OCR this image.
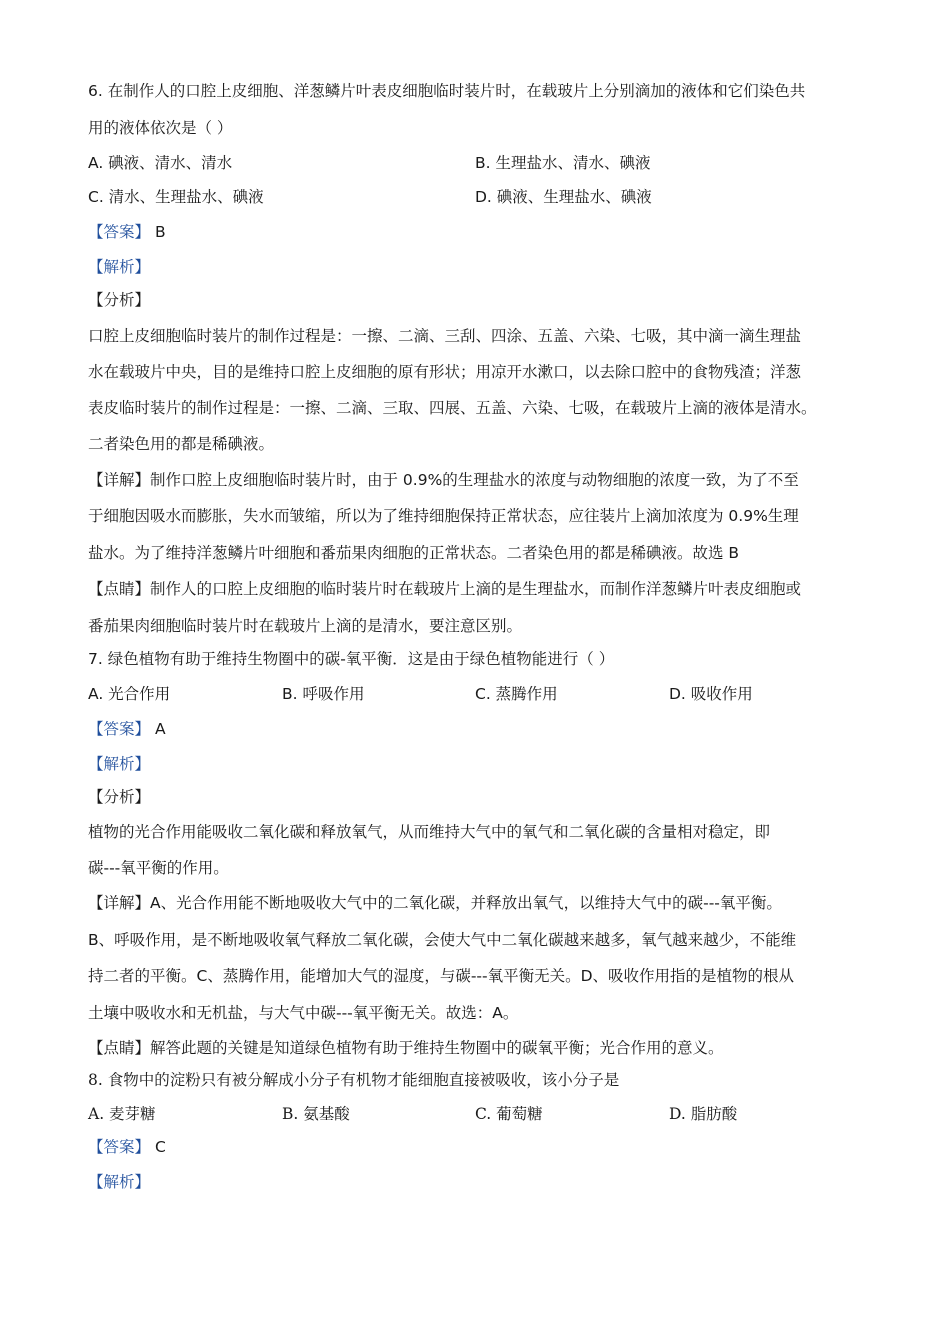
6. 在制作人的口腔上皮细胞、洋葱鳞片叶表皮细胞临时装片时，在载玻片上分别滴加的液体和它们染色共
用的液体依次是（ ）
A. 碘液、清水、清水	B. 生理盐水、清水、碘液
C. 清水、生理盐水、碘液	D. 碘液、生理盐水、碘液
【答案】 B
【解析】
【分析】
口腔上皮细胞临时装片的制作过程是：一擦、二滴、三刮、四涂、五盖、六染、七吸，其中滴一滴生理盐
水在载玻片中央，目的是维持口腔上皮细胞的原有形状；用凉开水漱口，以去除口腔中的食物残渣；洋葱
表皮临时装片的制作过程是：一擦、二滴、三取、四展、五盖、六染、七吸，在载玻片上滴的液体是清水。
二者染色用的都是稀碘液。
【详解】制作口腔上皮细胞临时装片时，由于 0.9%的生理盐水的浓度与动物细胞的浓度一致，为了不至
于细胞因吸水而膨胀，失水而皱缩，所以为了维持细胞保持正常状态，应往装片上滴加浓度为 0.9%生理
盐水。为了维持洋葱鳞片叶细胞和番茄果肉细胞的正常状态。二者染色用的都是稀碘液。故选 B
【点睛】制作人的口腔上皮细胞的临时装片时在载玻片上滴的是生理盐水，而制作洋葱鳞片叶表皮细胞或
番茄果肉细胞临时装片时在载玻片上滴的是清水，要注意区别。
7. 绿色植物有助于维持生物圈中的碳-氧平衡．这是由于绿色植物能进行（ ）
A. 光合作用	B. 呼吸作用	C. 蒸腾作用	D. 吸收作用
【答案】 A
【解析】
【分析】
植物的光合作用能吸收二氧化碳和释放氧气，从而维持大气中的氧气和二氧化碳的含量相对稳定，即
碳---氧平衡的作用。
【详解】A、光合作用能不断地吸收大气中的二氧化碳，并释放出氧气，以维持大气中的碳---氧平衡。
B、呼吸作用，是不断地吸收氧气释放二氧化碳，会使大气中二氧化碳越来越多，氧气越来越少，不能维
持二者的平衡。C、蒸腾作用，能增加大气的湿度，与碳---氧平衡无关。D、吸收作用指的是植物的根从
土壤中吸收水和无机盐，与大气中碳---氧平衡无关。故选：A。
【点睛】解答此题的关键是知道绿色植物有助于维持生物圈中的碳氧平衡；光合作用的意义。
8. 食物中的淀粉只有被分解成小分子有机物才能细胞直接被吸收，该小分子是
A. 麦芽糖	B. 氨基酸	C. 葡萄糖	D. 脂肪酸
【答案】 C
【解析】
